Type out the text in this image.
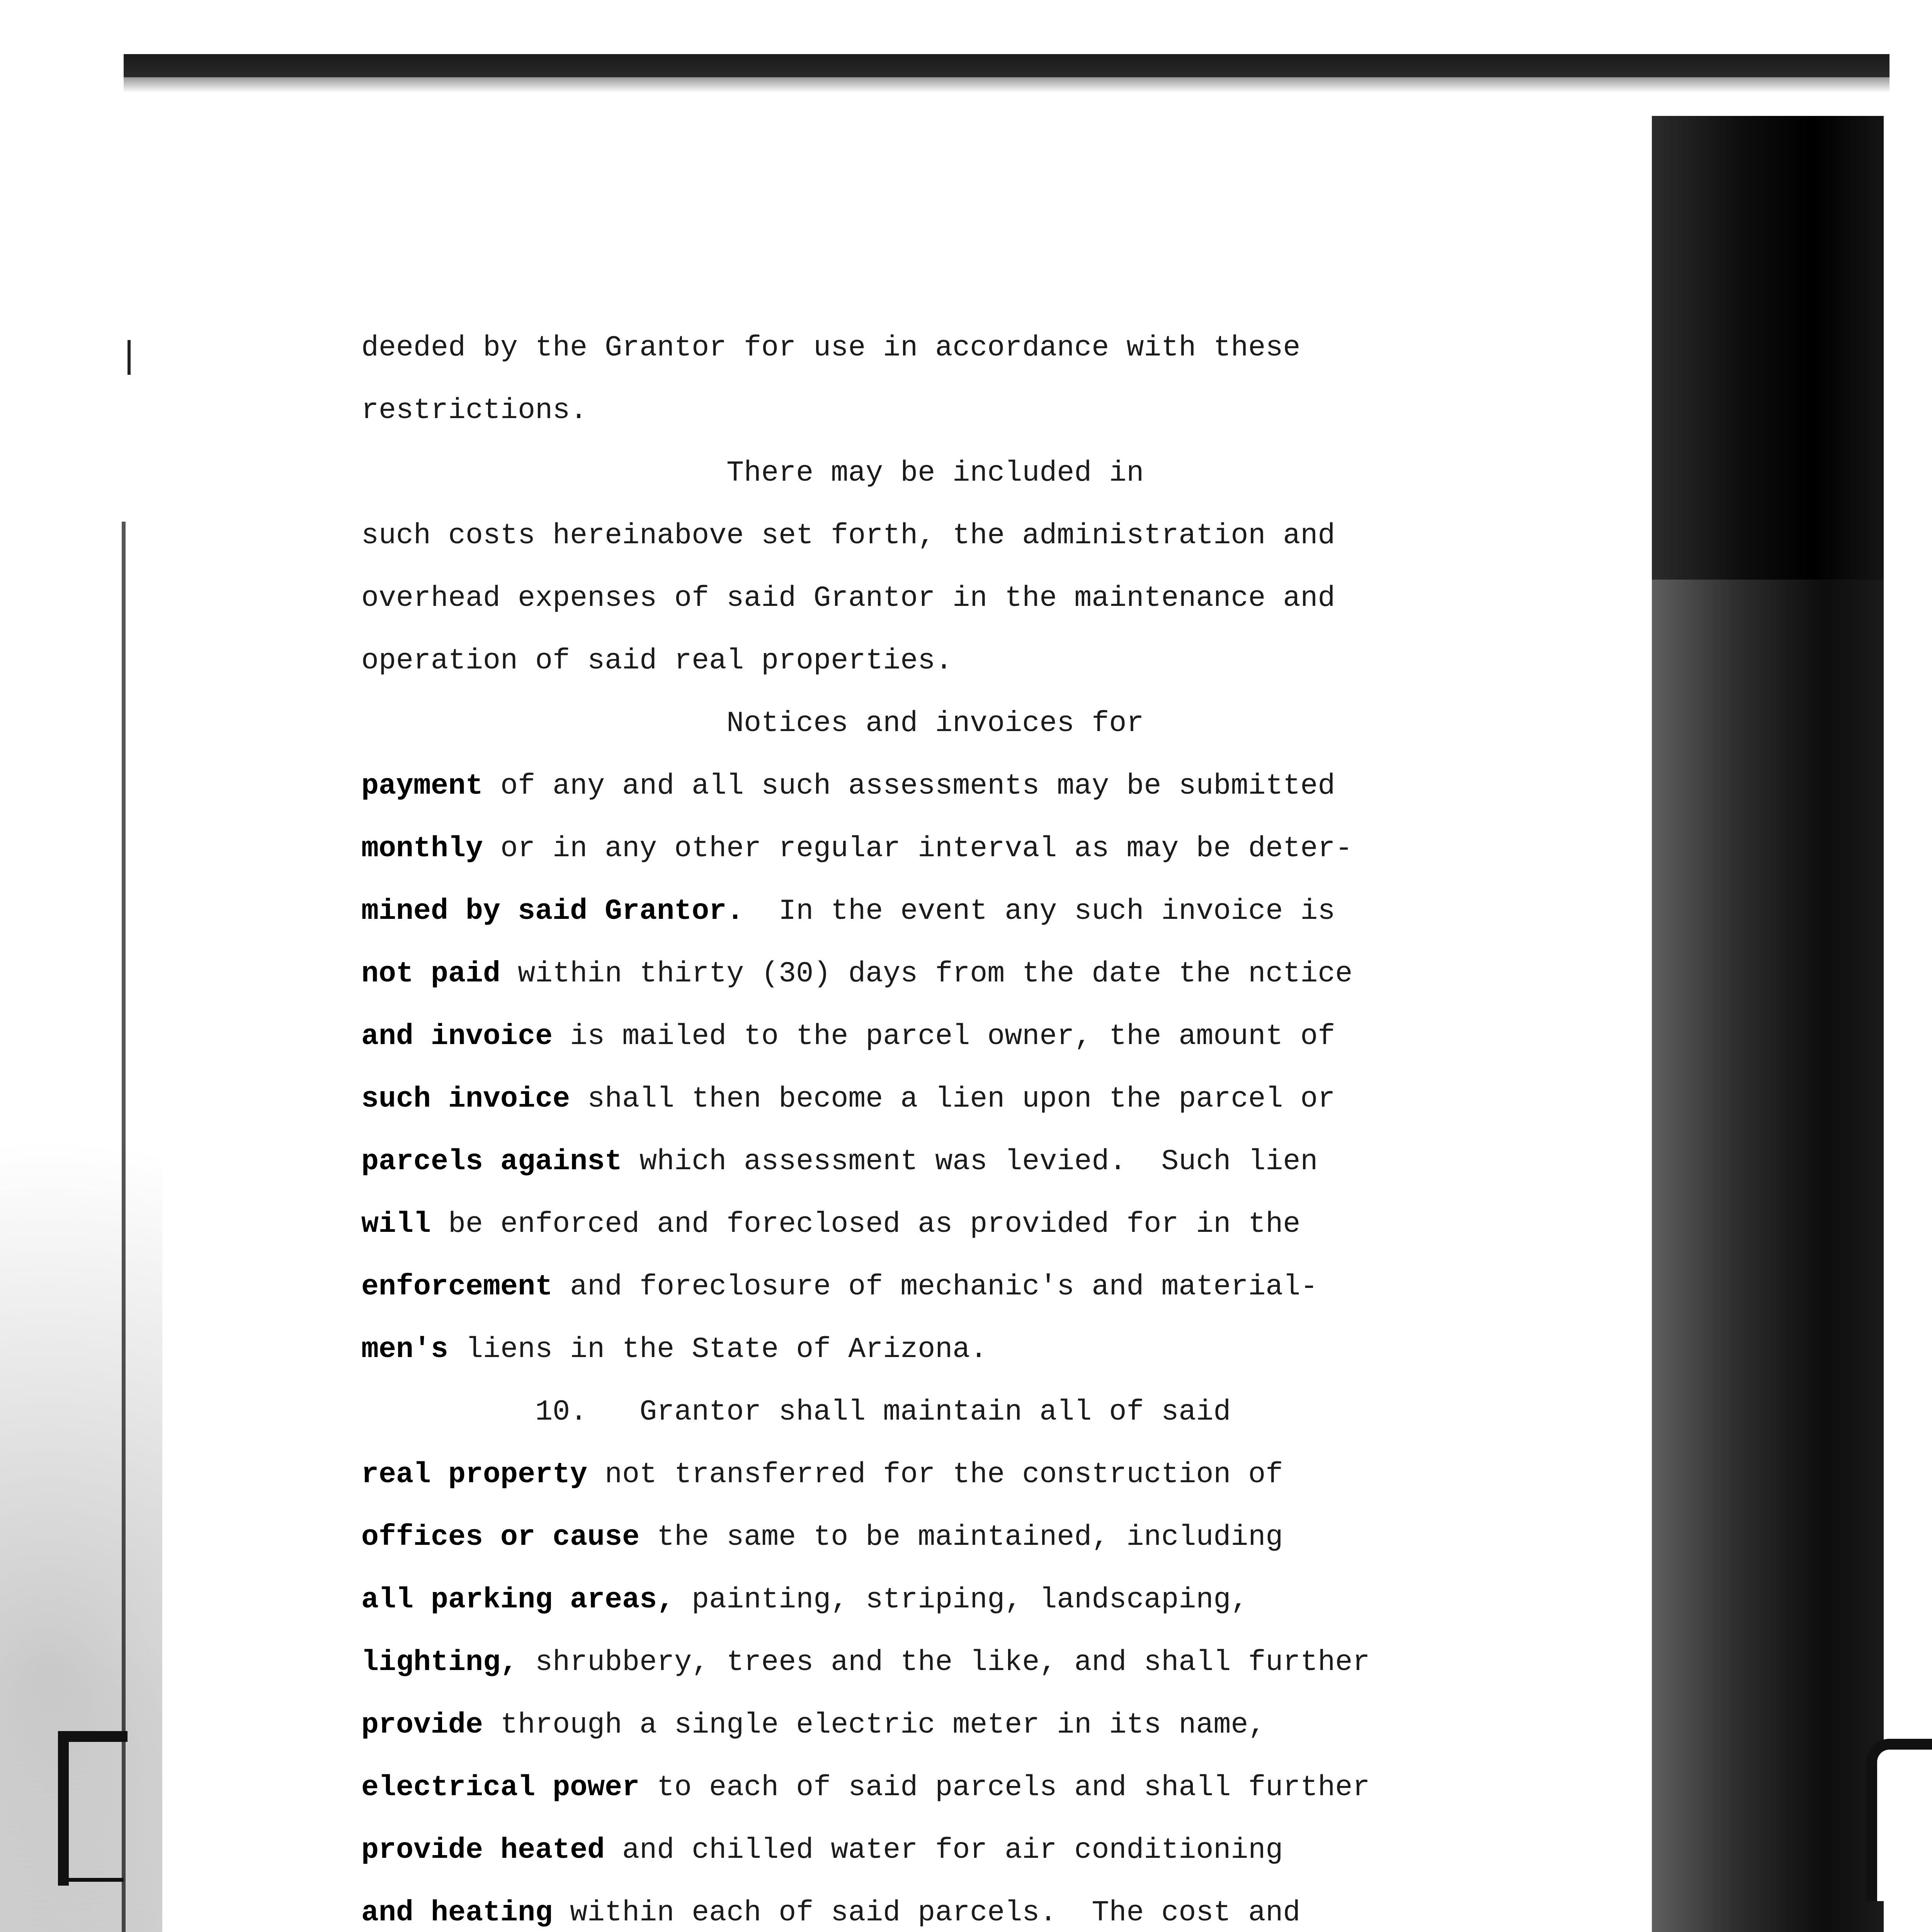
deeded by the Grantor for use in accordance with these
restrictions.
There may be included in
such costs hereinabove set forth, the administration and
overhead expenses of said Grantor in the maintenance and
operation of said real properties.
Notices and invoices for
payment of any and all such assessments may be submitted
monthly or in any other regular interval as may be deter-
mined by said Grantor.  In the event any such invoice is
not paid within thirty (30) days from the date the nctice
and invoice is mailed to the parcel owner, the amount of
such invoice shall then become a lien upon the parcel or
parcels against which assessment was levied.  Such lien
will be enforced and foreclosed as provided for in the
enforcement and foreclosure of mechanic's and material-
men's liens in the State of Arizona.
10.   Grantor shall maintain all of said
real property not transferred for the construction of
offices or cause the same to be maintained, including
all parking areas, painting, striping, landscaping,
lighting, shrubbery, trees and the like, and shall further
provide through a single electric meter in its name,
electrical power to each of said parcels and shall further
provide heated and chilled water for air conditioning
and heating within each of said parcels.  The cost and
